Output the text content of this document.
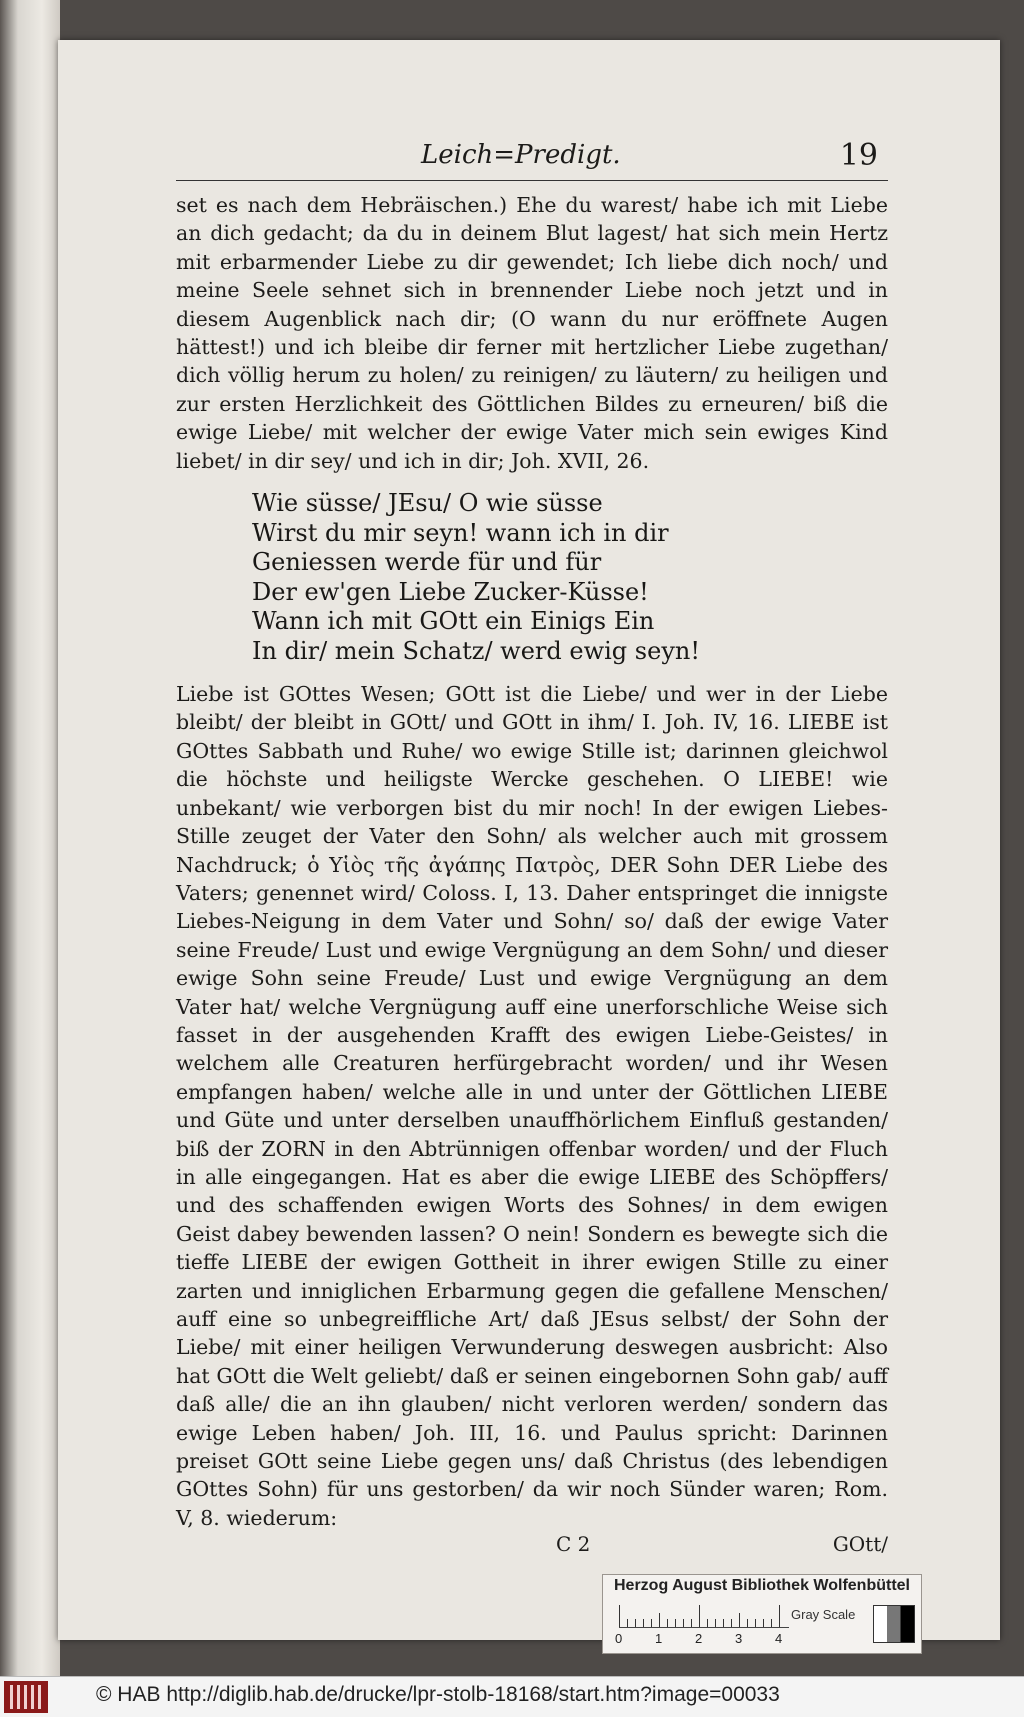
Leich=Predigt.	19

set es nach dem Hebräischen.) Ehe du warest/ habe ich mit Liebe an dich gedacht; da du in deinem Blut lagest/ hat sich mein Hertz mit erbarmender Liebe zu dir gewendet; Ich liebe dich noch/ und meine Seele sehnet sich in brennender Liebe noch jetzt und in diesem Augenblick nach dir; (O wann du nur eröffnete Augen hättest!) und ich bleibe dir ferner mit hertzlicher Liebe zugethan/ dich völlig herum zu holen/ zu reinigen/ zu läutern/ zu heiligen und zur ersten Herzlichkeit des Göttlichen Bildes zu erneuren/ biß die ewige Liebe/ mit welcher der ewige Vater mich sein ewiges Kind liebet/ in dir sey/ und ich in dir; Joh. XVII, 26.

Wie süsse/ JEsu/ O wie süsse
Wirst du mir seyn! wann ich in dir
Geniessen werde für und für
Der ew'gen Liebe Zucker-Küsse!
Wann ich mit GOtt ein Einigs Ein
In dir/ mein Schatz/ werd ewig seyn!

Liebe ist GOttes Wesen; GOtt ist die Liebe/ und wer in der Liebe bleibt/ der bleibt in GOtt/ und GOtt in ihm/ I. Joh. IV, 16. LIEBE ist GOttes Sabbath und Ruhe/ wo ewige Stille ist; darinnen gleichwol die höchste und heiligste Wercke geschehen. O LIEBE! wie unbekant/ wie verborgen bist du mir noch! In der ewigen Liebes-Stille zeuget der Vater den Sohn/ als welcher auch mit grossem Nachdruck; ὁ Υἱὸς τῆς ἀγάπης Πατρὸς, DER Sohn DER Liebe des Vaters; genennet wird/ Coloss. I, 13. Daher entspringet die innigste Liebes-Neigung in dem Vater und Sohn/ so/ daß der ewige Vater seine Freude/ Lust und ewige Vergnügung an dem Sohn/ und dieser ewige Sohn seine Freude/ Lust und ewige Vergnügung an dem Vater hat/ welche Vergnügung auff eine unerforschliche Weise sich fasset in der ausgehenden Krafft des ewigen Liebe-Geistes/ in welchem alle Creaturen herfürgebracht worden/ und ihr Wesen empfangen haben/ welche alle in und unter der Göttlichen LIEBE und Güte und unter derselben unauffhörlichem Einfluß gestanden/ biß der ZORN in den Abtrünnigen offenbar worden/ und der Fluch in alle eingegangen. Hat es aber die ewige LIEBE des Schöpffers/ und des schaffenden ewigen Worts des Sohnes/ in dem ewigen Geist dabey bewenden lassen? O nein! Sondern es bewegte sich die tieffe LIEBE der ewigen Gottheit in ihrer ewigen Stille zu einer zarten und inniglichen Erbarmung gegen die gefallene Menschen/ auff eine so unbegreiffliche Art/ daß JEsus selbst/ der Sohn der Liebe/ mit einer heiligen Verwunderung deswegen ausbricht: Also hat GOtt die Welt geliebt/ daß er seinen eingebornen Sohn gab/ auff daß alle/ die an ihn glauben/ nicht verloren werden/ sondern das ewige Leben haben/ Joh. III, 16. und Paulus spricht: Darinnen preiset GOtt seine Liebe gegen uns/ daß Christus (des lebendigen GOttes Sohn) für uns gestorben/ da wir noch Sünder waren; Rom. V, 8. wiederum:

C 2	GOtt/
Herzog August Bibliothek Wolfenbüttel
Gray Scale
0	1	2	3	4
© HAB http://diglib.hab.de/drucke/lpr-stolb-18168/start.htm?image=00033
